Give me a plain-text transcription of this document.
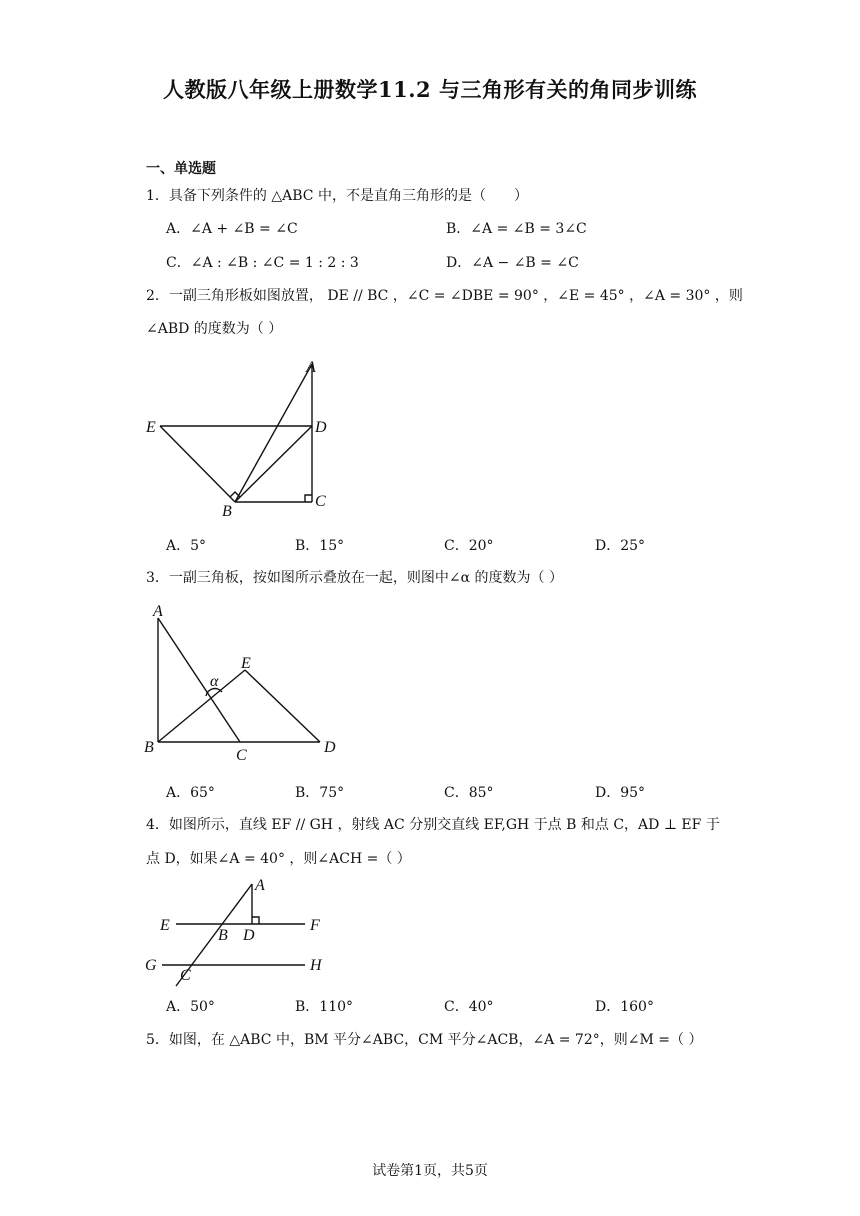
人教版八年级上册数学11.2 与三角形有关的角同步训练
一、单选题
1．具备下列条件的 △ABC 中，不是直角三角形的是（　　）
A．∠A + ∠B = ∠C	B．∠A = ∠B = 3∠C
C．∠A : ∠B : ∠C = 1 : 2 : 3	D．∠A − ∠B = ∠C
2．一副三角形板如图放置， DE // BC ，∠C = ∠DBE = 90° ，∠E = 45° ，∠A = 30° ，则
∠ABD 的度数为（ ）
A
E	D
B
C
A．5°	B．15°	C．20°	D．25°
3．一副三角板，按如图所示叠放在一起，则图中∠α 的度数为（ ）
A
E
α
B	C	D
A．65°	B．75°	C．85°	D．95°
4．如图所示，直线 EF // GH ，射线 AC 分别交直线 EF,GH 于点 B 和点 C，AD ⊥ EF 于
点 D，如果∠A = 40° ，则∠ACH =（ ）
A
E
B D
F
G
C
H
A．50°	B．110°	C．40°	D．160°
5．如图，在 △ABC 中，BM 平分∠ABC，CM 平分∠ACB，∠A = 72°，则∠M =（ ）
试卷第1页，共5页
